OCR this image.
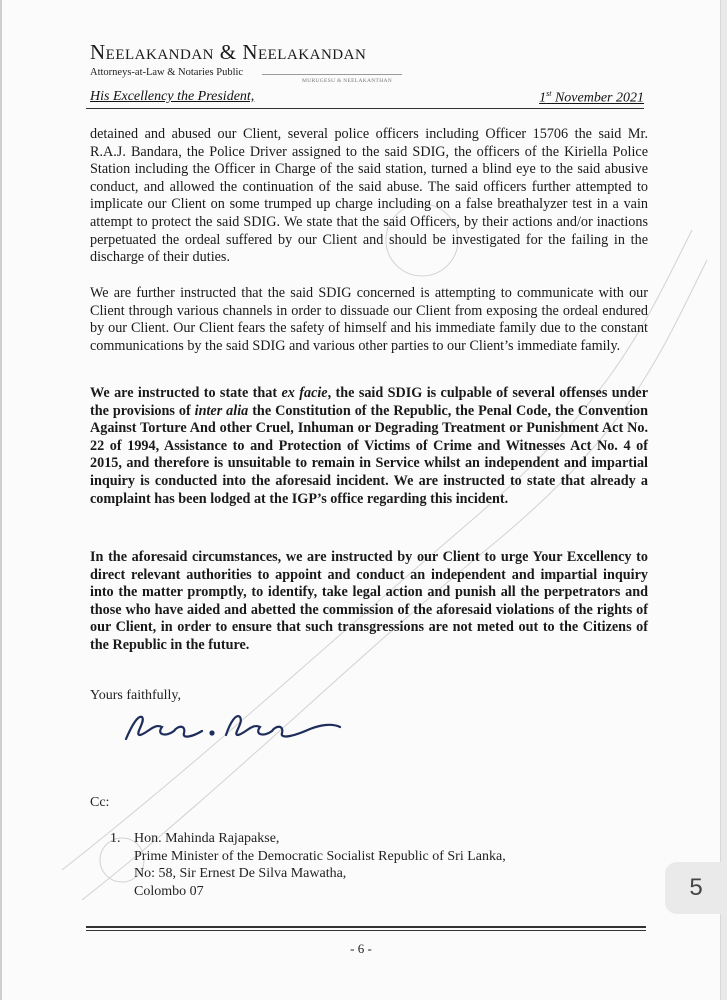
Neelakandan & Neelakandan
Attorneys-at-Law & Notaries Public
MURUGESU & NEELAKANTHAN
His Excellency the President,	1st November 2021
detained and abused our Client, several police officers including Officer 15706 the said Mr. R.A.J. Bandara, the Police Driver assigned to the said SDIG, the officers of the Kiriella Police Station including the Officer in Charge of the said station, turned a blind eye to the said abusive conduct, and allowed the continuation of the said abuse. The said officers further attempted to implicate our Client on some trumped up charge including on a false breathalyzer test in a vain attempt to protect the said SDIG. We state that the said Officers, by their actions and/or inactions perpetuated the ordeal suffered by our Client and should be investigated for the failing in the discharge of their duties.
We are further instructed that the said SDIG concerned is attempting to communicate with our Client through various channels in order to dissuade our Client from exposing the ordeal endured by our Client. Our Client fears the safety of himself and his immediate family due to the constant communications by the said SDIG and various other parties to our Client’s immediate family.
We are instructed to state that ex facie, the said SDIG is culpable of several offenses under the provisions of inter alia the Constitution of the Republic, the Penal Code, the Convention Against Torture And other Cruel, Inhuman or Degrading Treatment or Punishment Act No. 22 of 1994, Assistance to and Protection of Victims of Crime and Witnesses Act No. 4 of 2015, and therefore is unsuitable to remain in Service whilst an independent and impartial inquiry is conducted into the aforesaid incident. We are instructed to state that already a complaint has been lodged at the IGP’s office regarding this incident.
In the aforesaid circumstances, we are instructed by our Client to urge Your Excellency to direct relevant authorities to appoint and conduct an independent and impartial inquiry into the matter promptly, to identify, take legal action and punish all the perpetrators and those who have aided and abetted the commission of the aforesaid violations of the rights of our Client, in order to ensure that such transgressions are not meted out to the Citizens of the Republic in the future.
Yours faithfully,
Cc:
1. Hon. Mahinda Rajapakse,
Prime Minister of the Democratic Socialist Republic of Sri Lanka,
No: 58, Sir Ernest De Silva Mawatha,
Colombo 07
- 6 -
5
